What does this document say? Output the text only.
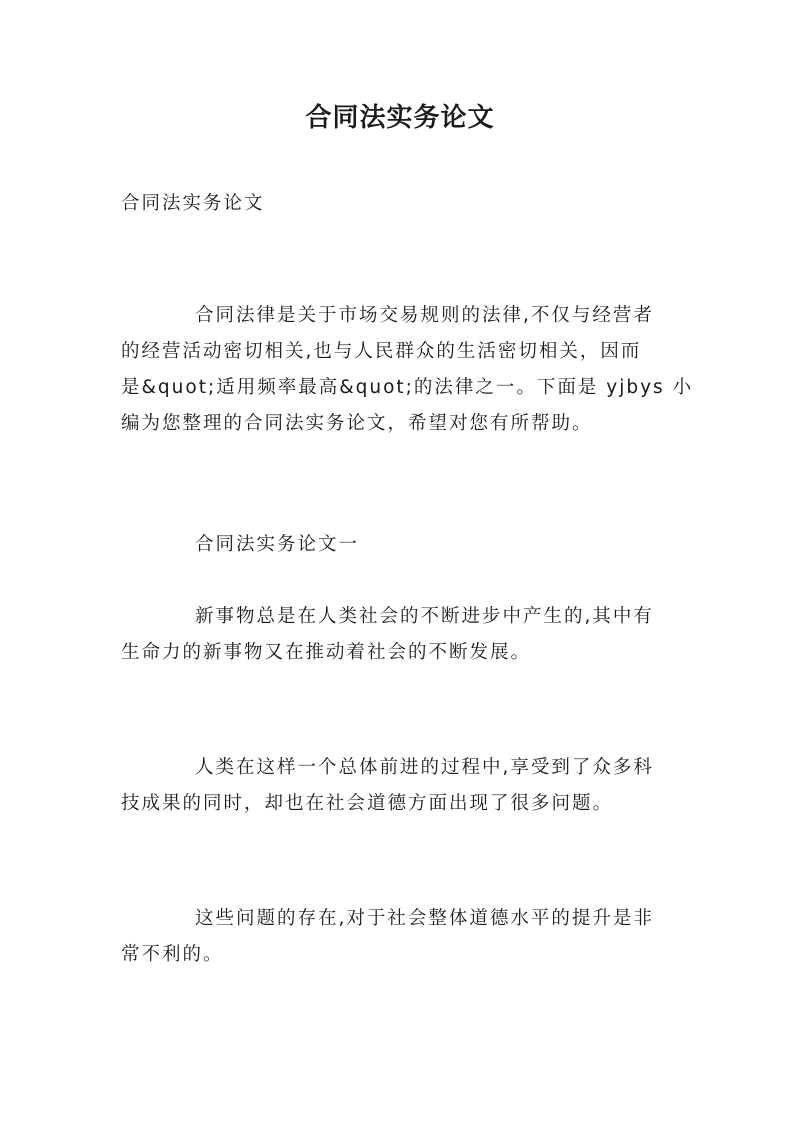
合同法实务论文
合同法实务论文
合同法律是关于市场交易规则的法律,不仅与经营者
的经营活动密切相关,也与人民群众的生活密切相关，因而
是&quot;适用频率最高&quot;的法律之一。下面是 yjbys 小
编为您整理的合同法实务论文，希望对您有所帮助。
合同法实务论文一
新事物总是在人类社会的不断进步中产生的,其中有
生命力的新事物又在推动着社会的不断发展。
人类在这样一个总体前进的过程中,享受到了众多科
技成果的同时，却也在社会道德方面出现了很多问题。
这些问题的存在,对于社会整体道德水平的提升是非
常不利的。
